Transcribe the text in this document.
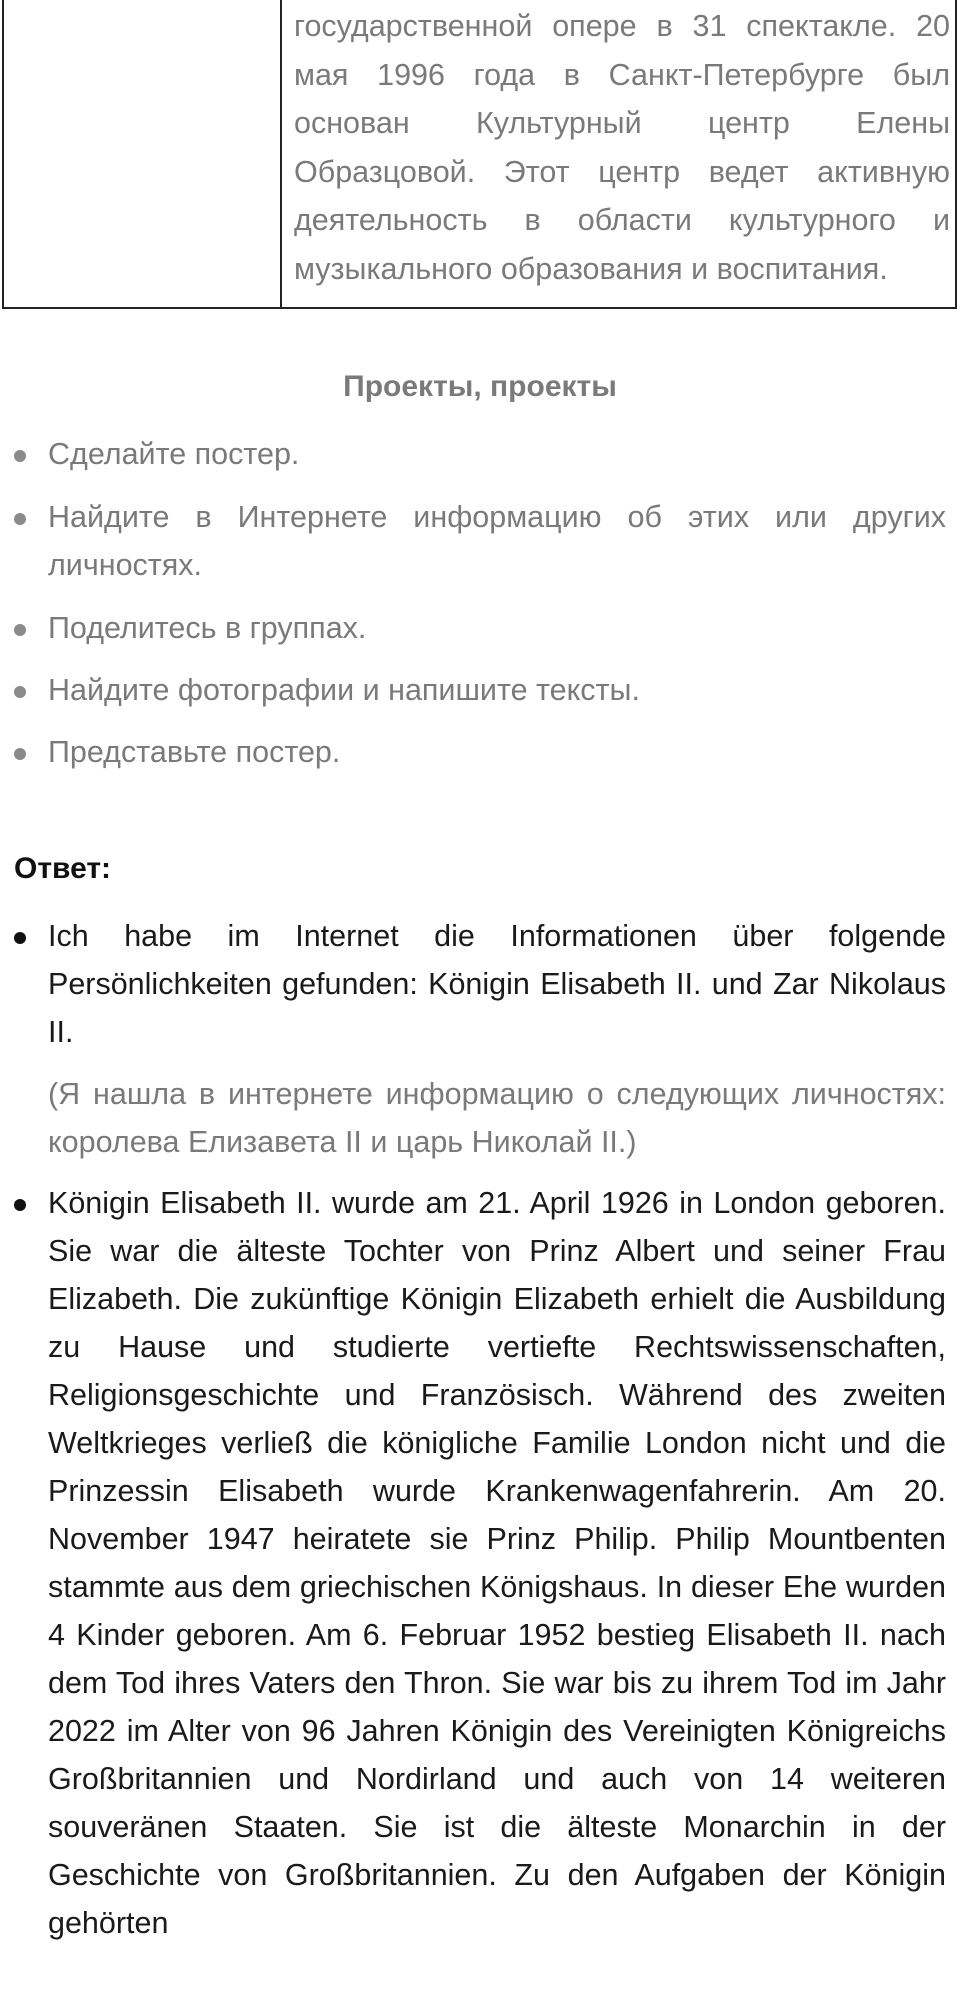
государственной опере в 31 спектакле. 20 мая 1996 года в Санкт-Петербурге был основан Культурный центр Елены Образцовой. Этот центр ведет активную деятельность в области культурного и музыкального образования и воспитания.
Проекты, проекты
Сделайте постер.
Найдите в Интернете информацию об этих или других личностях.
Поделитесь в группах.
Найдите фотографии и напишите тексты.
Представьте постер.
Ответ:
Ich habe im Internet die Informationen über folgende Persönlichkeiten gefunden: Königin Elisabeth II. und Zar Nikolaus II.
(Я нашла в интернете информацию о следующих личностях: королева Елизавета II и царь Николай II.)
Königin Elisabeth II. wurde am 21. April 1926 in London geboren. Sie war die älteste Tochter von Prinz Albert und seiner Frau Elizabeth. Die zukünftige Königin Elizabeth erhielt die Ausbildung zu Hause und studierte vertiefte Rechtswissenschaften, Religionsgeschichte und Französisch. Während des zweiten Weltkrieges verließ die königliche Familie London nicht und die Prinzessin Elisabeth wurde Krankenwagenfahrerin. Am 20. November 1947 heiratete sie Prinz Philip. Philip Mountbenten stammte aus dem griechischen Königshaus. In dieser Ehe wurden 4 Kinder geboren. Am 6. Februar 1952 bestieg Elisabeth II. nach dem Tod ihres Vaters den Thron. Sie war bis zu ihrem Tod im Jahr 2022 im Alter von 96 Jahren Königin des Vereinigten Königreichs Großbritannien und Nordirland und auch von 14 weiteren souveränen Staaten. Sie ist die älteste Monarchin in der Geschichte von Großbritannien. Zu den Aufgaben der Königin gehörten
